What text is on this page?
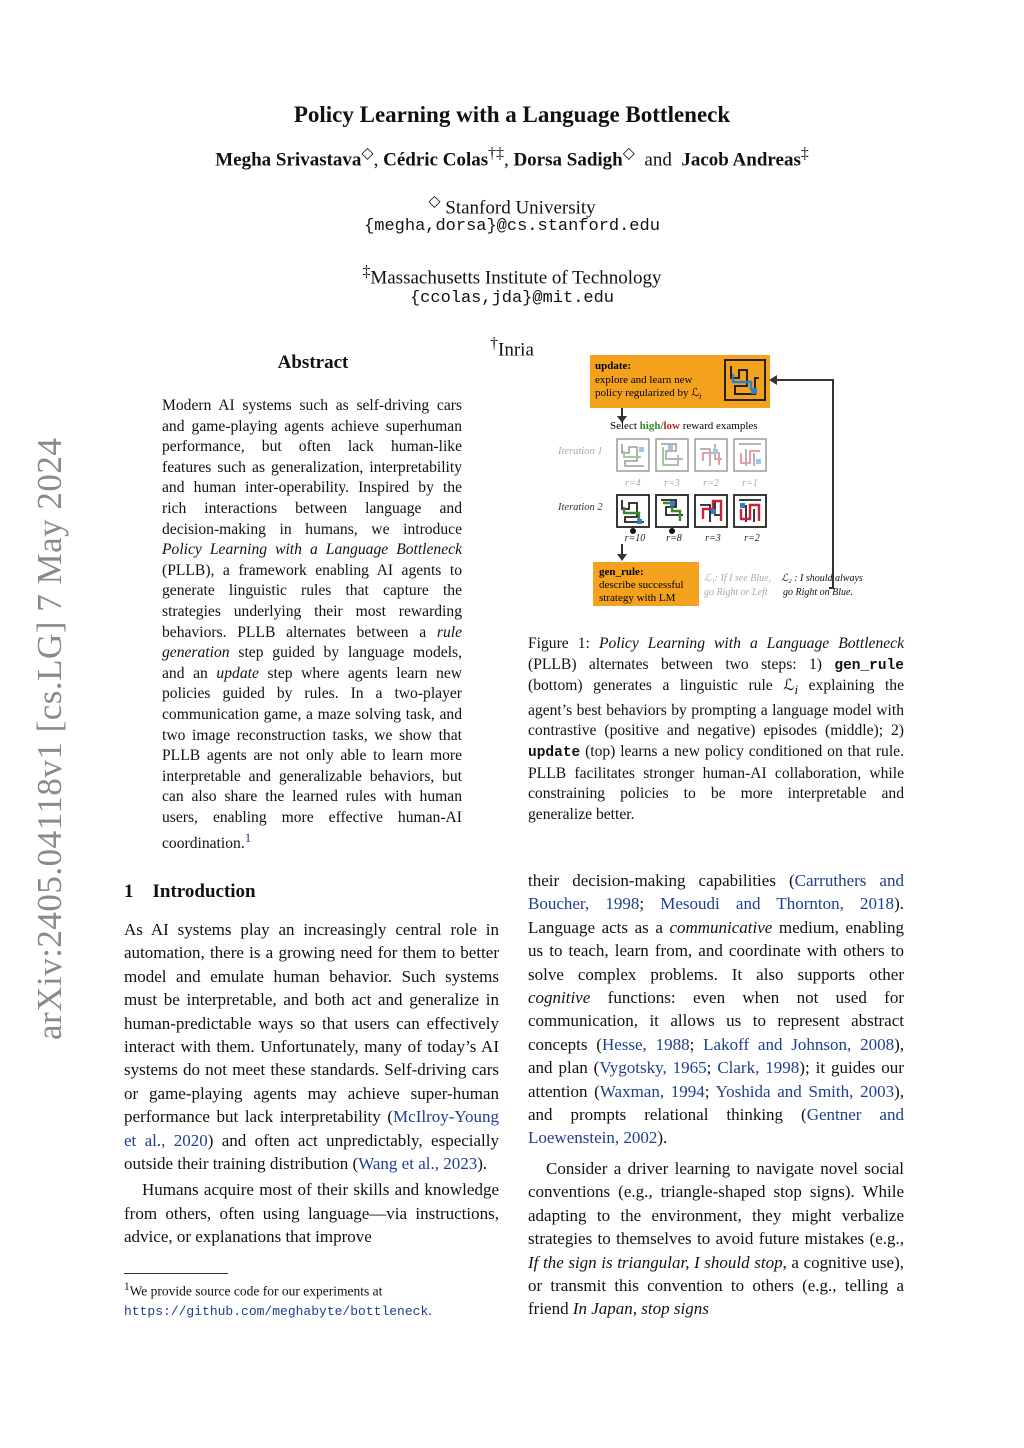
arXiv:2405.04118v1 [cs.LG] 7 May 2024
Policy Learning with a Language Bottleneck
Megha Srivastava◇, Cédric Colas†‡, Dorsa Sadigh◇ and Jacob Andreas‡
◇ Stanford University
{megha,dorsa}@cs.stanford.edu
‡Massachusetts Institute of Technology
{ccolas,jda}@mit.edu
†Inria
Abstract
Modern AI systems such as self-driving cars and game-playing agents achieve superhuman performance, but often lack human-like features such as generalization, interpretability and human inter-operability. Inspired by the rich interactions between language and decision-making in humans, we introduce Policy Learning with a Language Bottleneck (PLLB), a framework enabling AI agents to generate linguistic rules that capture the strategies underlying their most rewarding behaviors. PLLB alternates between a rule generation step guided by language models, and an update step where agents learn new policies guided by rules. In a two-player communication game, a maze solving task, and two image reconstruction tasks, we show that PLLB agents are not only able to learn more interpretable and generalizable behaviors, but can also share the learned rules with human users, enabling more effective human-AI coordination.$^1$
update:
explore and learn new
policy regularized by ℒ$_i$
Select high/low reward examples
Iteration 1
r=4 r=3 r=2 r=1
Iteration 2
r=10 r=8 r=3 r=2
gen_rule:
describe successful
strategy with LM
ℒ₁: If I see Blue,
go Right or Left
ℒ₂ : I should always
go Right on Blue.
Figure 1: Policy Learning with a Language Bottleneck (PLLB) alternates between two steps: 1) gen_rule (bottom) generates a linguistic rule ℒ$_i$ explaining the agent’s best behaviors by prompting a language model with contrastive (positive and negative) episodes (middle); 2) update (top) learns a new policy conditioned on that rule. PLLB facilitates stronger human-AI collaboration, while constraining policies to be more interpretable and generalize better.
1 Introduction

As AI systems play an increasingly central role in automation, there is a growing need for them to better model and emulate human behavior. Such systems must be interpretable, and both act and generalize in human-predictable ways so that users can effectively interact with them. Unfortunately, many of today’s AI systems do not meet these standards. Self-driving cars or game-playing agents may achieve super-human performance but lack interpretability (McIlroy-Young et al., 2020) and often act unpredictably, especially outside their training distribution (Wang et al., 2023).

Humans acquire most of their skills and knowledge from others, often using language—via instructions, advice, or explanations that improve

their decision-making capabilities (Carruthers and Boucher, 1998; Mesoudi and Thornton, 2018). Language acts as a communicative medium, enabling us to teach, learn from, and coordinate with others to solve complex problems. It also supports other cognitive functions: even when not used for communication, it allows us to represent abstract concepts (Hesse, 1988; Lakoff and Johnson, 2008), and plan (Vygotsky, 1965; Clark, 1998); it guides our attention (Waxman, 1994; Yoshida and Smith, 2003), and prompts relational thinking (Gentner and Loewenstein, 2002).

Consider a driver learning to navigate novel social conventions (e.g., triangle-shaped stop signs). While adapting to the environment, they might verbalize strategies to themselves to avoid future mistakes (e.g., If the sign is triangular, I should stop, a cognitive use), or transmit this convention to others (e.g., telling a friend In Japan, stop signs

$^1$We provide source code for our experiments at https://github.com/meghabyte/bottleneck.
